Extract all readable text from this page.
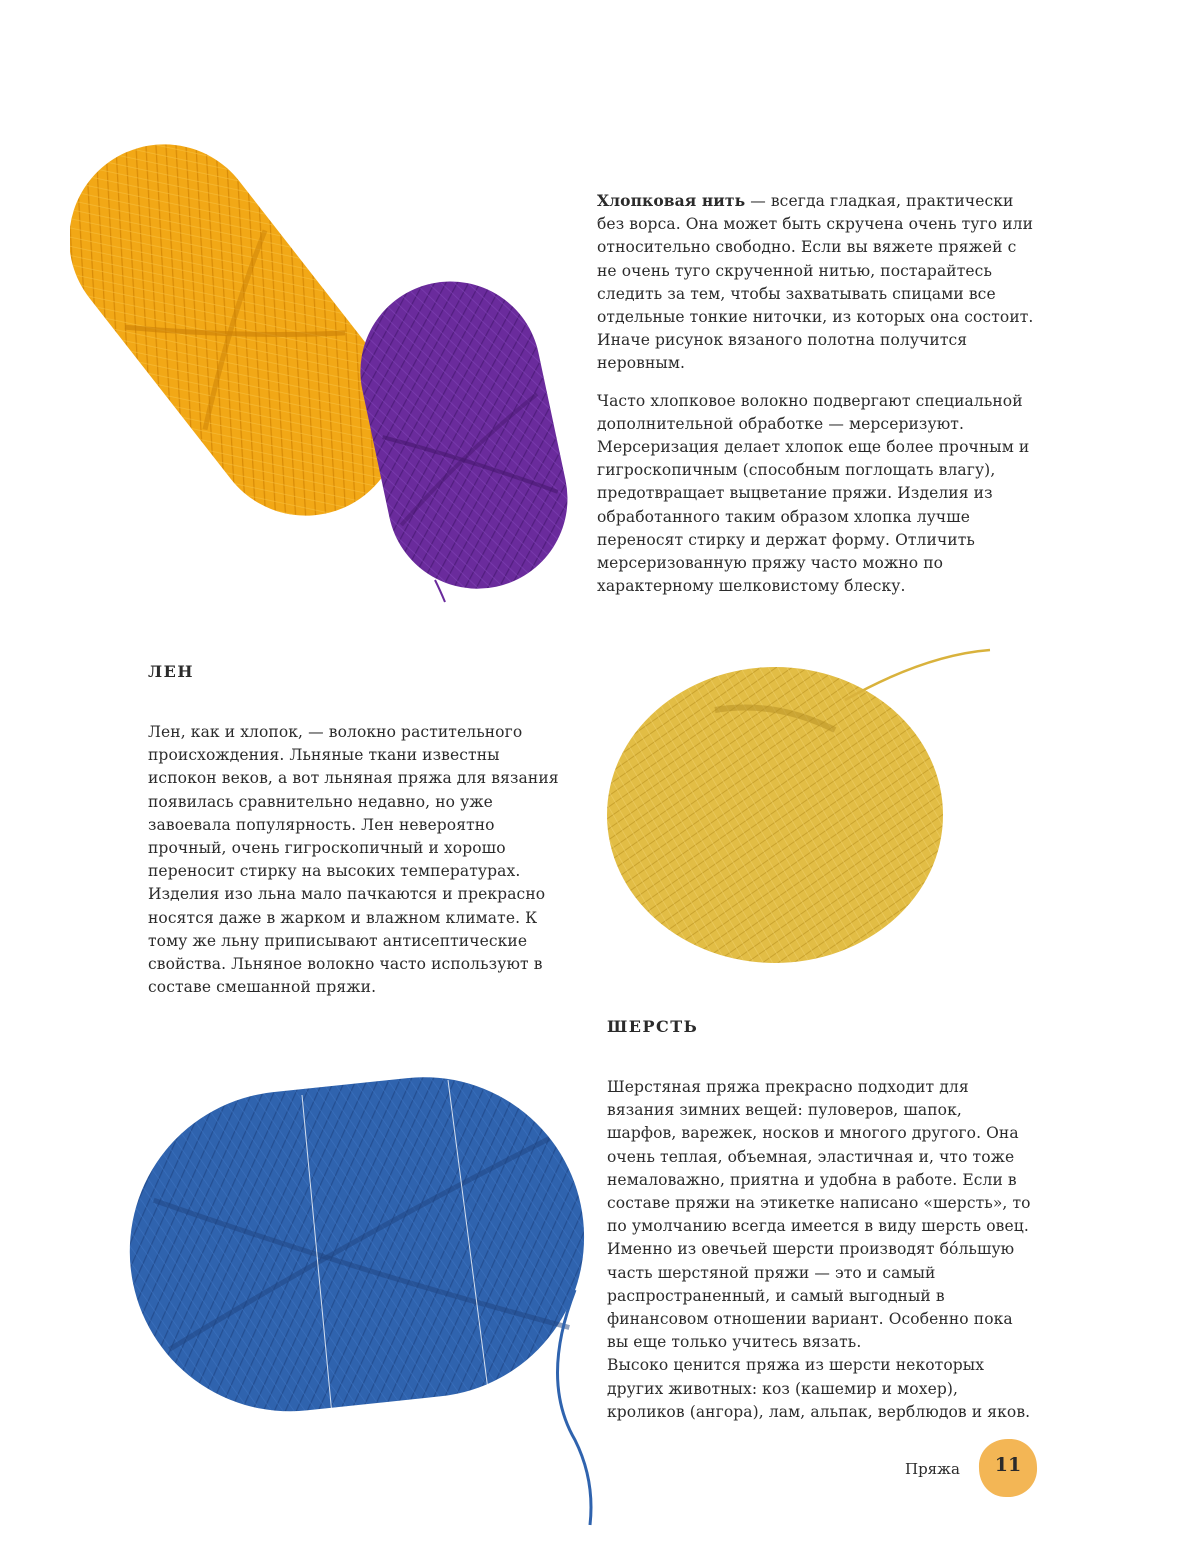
Хлопковая нить — всегда гладкая, практически без ворса. Она может быть скручена очень туго или относительно свободно. Если вы вяжете пряжей с не очень туго скрученной нитью, постарайтесь следить за тем, чтобы захватывать спицами все отдельные тонкие ниточки, из которых она состоит. Иначе рисунок вязаного полотна получится неровным.

Часто хлопковое волокно подвергают специальной дополнительной обработке — мерсеризуют. Мерсеризация делает хлопок еще более прочным и гигроскопичным (способным поглощать влагу), предотвращает выцветание пряжи. Изделия из обработанного таким образом хлопка лучше переносят стирку и держат форму. Отличить мерсеризованную пряжу часто можно по характерному шелковистому блеску.

ЛЕН

Лен, как и хлопок, — волокно растительного происхождения. Льняные ткани известны испокон веков, а вот льняная пряжа для вязания появилась сравнительно недавно, но уже завоевала популярность. Лен невероятно прочный, очень гигроскопичный и хорошо переносит стирку на высоких температурах. Изделия изо льна мало пачкаются и прекрасно носятся даже в жарком и влажном климате. К тому же льну приписывают антисептические свойства. Льняное волокно часто используют в составе смешанной пряжи.

ШЕРСТЬ

Шерстяная пряжа прекрасно подходит для вязания зимних вещей: пуловеров, шапок, шарфов, варежек, носков и многого другого. Она очень теплая, объемная, эластичная и, что тоже немаловажно, приятна и удобна в работе. Если в составе пряжи на этикетке написано «шерсть», то по умолчанию всегда имеется в виду шерсть овец. Именно из овечьей шерсти производят бóльшую часть шерстяной пряжи — это и самый распространенный, и самый выгодный в финансовом отношении вариант. Особенно пока вы еще только учитесь вязать.

Высоко ценится пряжа из шерсти некоторых других животных: коз (кашемир и мохер), кроликов (ангора), лам, альпак, верблюдов и яков.

Пряжа	11
